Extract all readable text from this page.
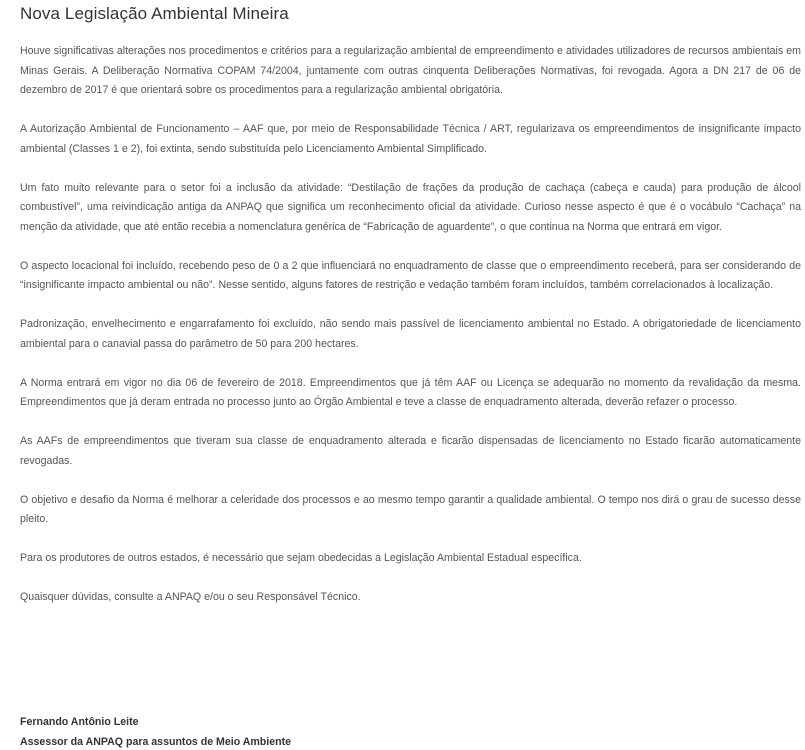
Nova Legislação Ambiental Mineira

Houve significativas alterações nos procedimentos e critérios para a regularização ambiental de empreendimento e atividades utilizadores de recursos ambientais em Minas Gerais. A Deliberação Normativa COPAM 74/2004, juntamente com outras cinquenta Deliberações Normativas, foi revogada. Agora a DN 217 de 06 de dezembro de 2017 é que orientará sobre os procedimentos para a regularização ambiental obrigatória.

A Autorização Ambiental de Funcionamento – AAF que, por meio de Responsabilidade Técnica / ART, regularizava os empreendimentos de insignificante impacto ambiental (Classes 1 e 2), foi extinta, sendo substituída pelo Licenciamento Ambiental Simplificado.

Um fato muito relevante para o setor foi a inclusão da atividade: “Destilação de frações da produção de cachaça (cabeça e cauda) para produção de álcool combustível”, uma reivindicação antiga da ANPAQ que significa um reconhecimento oficial da atividade. Curioso nesse aspecto é que é o vocábulo “Cachaça” na menção da atividade, que até então recebia a nomenclatura genérica de “Fabricação de aguardente”, o que continua na Norma que entrará em vigor.

O aspecto locacional foi incluído, recebendo peso de 0 a 2 que influenciará no enquadramento de classe que o empreendimento receberá, para ser considerando de “insignificante impacto ambiental ou não”. Nesse sentido, alguns fatores de restrição e vedação também foram incluídos, também correlacionados à localização.

Padronização, envelhecimento e engarrafamento foi excluído, não sendo mais passível de licenciamento ambiental no Estado. A obrigatoriedade de licenciamento ambiental para o canavial passa do parâmetro de 50 para 200 hectares.

A Norma entrará em vigor no dia 06 de fevereiro de 2018. Empreendimentos que já têm AAF ou Licença se adequarão no momento da revalidação da mesma. Empreendimentos que já deram entrada no processo junto ao Órgão Ambiental e teve a classe de enquadramento alterada, deverão refazer o processo.

As AAFs de empreendimentos que tiveram sua classe de enquadramento alterada e ficarão dispensadas de licenciamento no Estado ficarão automaticamente revogadas.

O objetivo e desafio da Norma é melhorar a celeridade dos processos e ao mesmo tempo garantir a qualidade ambiental. O tempo nos dirá o grau de sucesso desse pleito.

Para os produtores de outros estados, é necessário que sejam obedecidas a Legislação Ambiental Estadual específica.

Quaisquer dúvidas, consulte a ANPAQ e/ou o seu Responsável Técnico.

Fernando Antônio Leite
Assessor da ANPAQ para assuntos de Meio Ambiente
